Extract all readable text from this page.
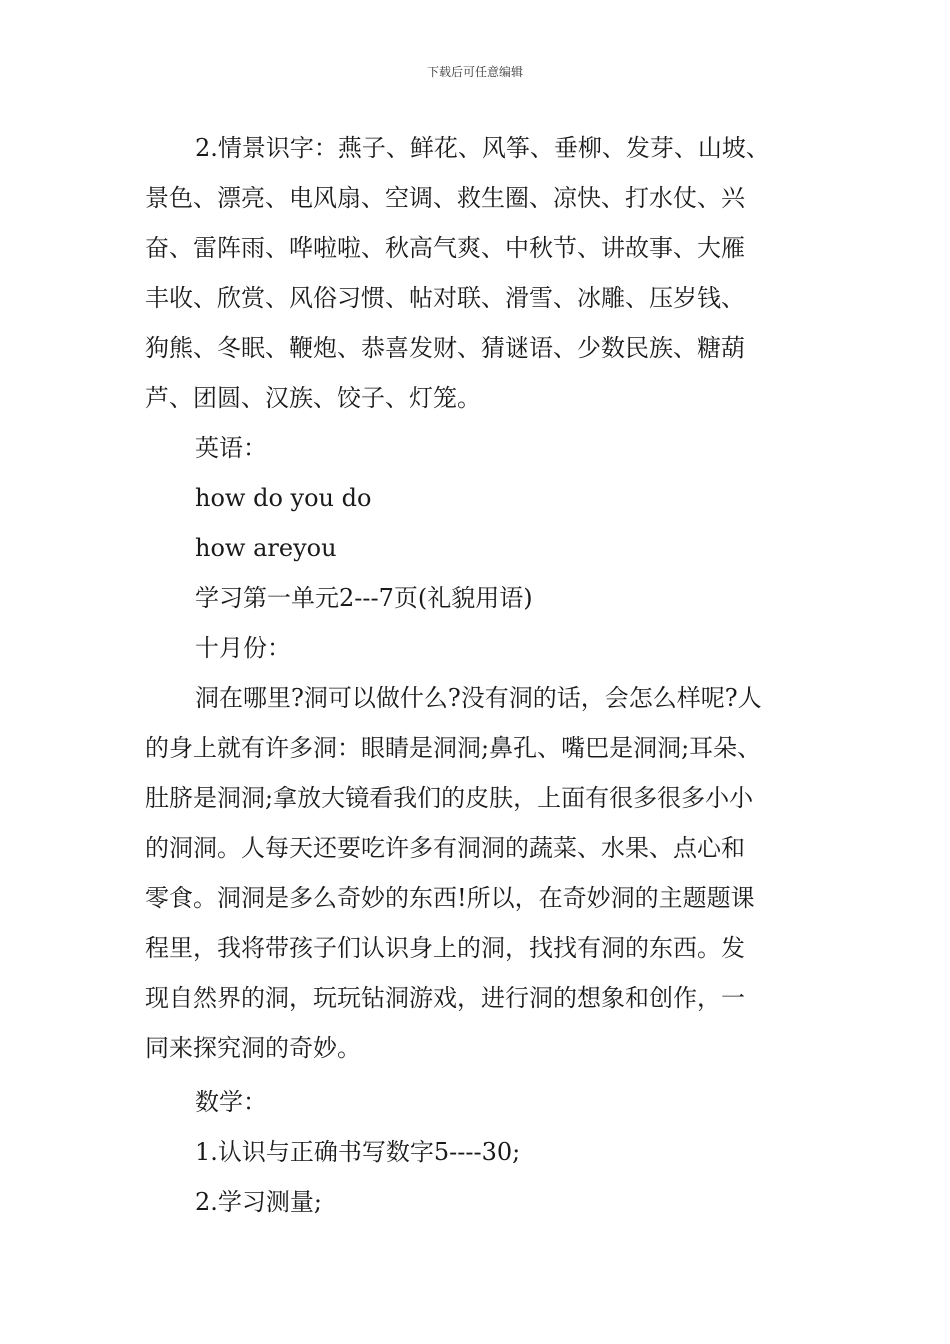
下载后可任意编辑

2.情景识字：燕子、鲜花、风筝、垂柳、发芽、山坡、

景色、漂亮、电风扇、空调、救生圈、凉快、打水仗、兴

奋、雷阵雨、哗啦啦、秋高气爽、中秋节、讲故事、大雁

丰收、欣赏、风俗习惯、帖对联、滑雪、冰雕、压岁钱、

狗熊、冬眠、鞭炮、恭喜发财、猜谜语、少数民族、糖葫

芦、团圆、汉族、饺子、灯笼。

英语：

how do you do

how areyou

学习第一单元2---7页(礼貌用语)

十月份：

洞在哪里?洞可以做什么?没有洞的话，会怎么样呢?人

的身上就有许多洞：眼睛是洞洞;鼻孔、嘴巴是洞洞;耳朵、

肚脐是洞洞;拿放大镜看我们的皮肤，上面有很多很多小小

的洞洞。人每天还要吃许多有洞洞的蔬菜、水果、点心和

零食。洞洞是多么奇妙的东西!所以，在奇妙洞的主题题课

程里，我将带孩子们认识身上的洞，找找有洞的东西。发

现自然界的洞，玩玩钻洞游戏，进行洞的想象和创作，一

同来探究洞的奇妙。

数学：

1.认识与正确书写数字5----30;

2.学习测量;
